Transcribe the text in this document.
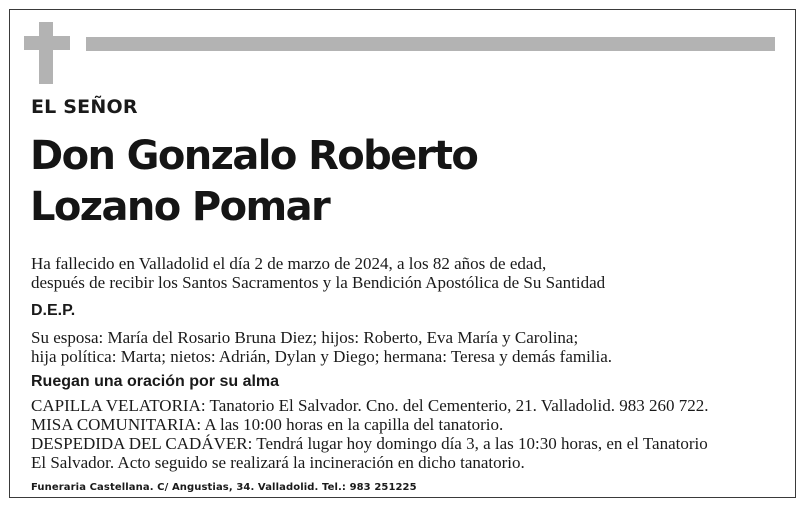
EL SEÑOR

Don Gonzalo Roberto
Lozano Pomar

Ha fallecido en Valladolid el día 2 de marzo de 2024, a los 82 años de edad,
después de recibir los Santos Sacramentos y la Bendición Apostólica de Su Santidad

D.E.P.

Su esposa: María del Rosario Bruna Diez; hijos: Roberto, Eva María y Carolina;
hija política: Marta; nietos: Adrián, Dylan y Diego; hermana: Teresa y demás familia.

Ruegan una oración por su alma

CAPILLA VELATORIA: Tanatorio El Salvador. Cno. del Cementerio, 21. Valladolid. 983 260 722.
MISA COMUNITARIA: A las 10:00 horas en la capilla del tanatorio.
DESPEDIDA DEL CADÁVER: Tendrá lugar hoy domingo día 3, a las 10:30 horas, en el Tanatorio
El Salvador. Acto seguido se realizará la incineración en dicho tanatorio.

Funeraria Castellana. C/ Angustias, 34. Valladolid. Tel.: 983 251225
